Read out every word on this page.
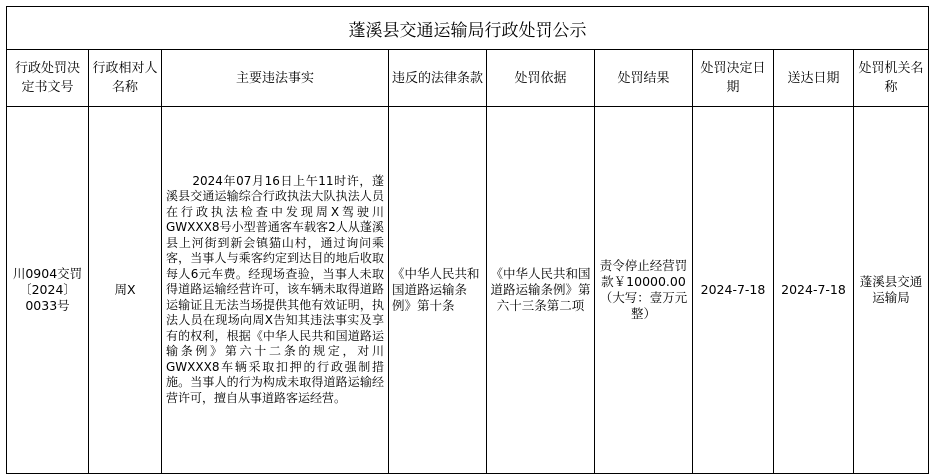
蓬溪县交通运输局行政处罚公示								
行政处罚决定书文号	行政相对人名称	主要违法事实	违反的法律条款	处罚依据	处罚结果	处罚决定日期	送达日期	处罚机关名称
川0904交罚〔2024〕0033号	周X	2024年07月16日上午11时许，蓬溪县交通运输综合行政执法大队执法人员在行政执法检查中发现周X驾驶川GWXXX8号小型普通客车载客2人从蓬溪县上河街到新会镇猫山村，通过询问乘客，当事人与乘客约定到达目的地后收取每人6元车费。经现场查验，当事人未取得道路运输经营许可，该车辆未取得道路运输证且无法当场提供其他有效证明，执法人员在现场向周X告知其违法事实及享有的权利，根据《中华人民共和国道路运输条例》第六十二条的规定，对川GWXXX8车辆采取扣押的行政强制措施。当事人的行为构成未取得道路运输经营许可，擅自从事道路客运经营。	《中华人民共和国道路运输条例》第十条	《中华人民共和国道路运输条例》第六十三条第二项	责令停止经营罚款￥10000.00（大写：壹万元整）	2024-7-18	2024-7-18	蓬溪县交通运输局
